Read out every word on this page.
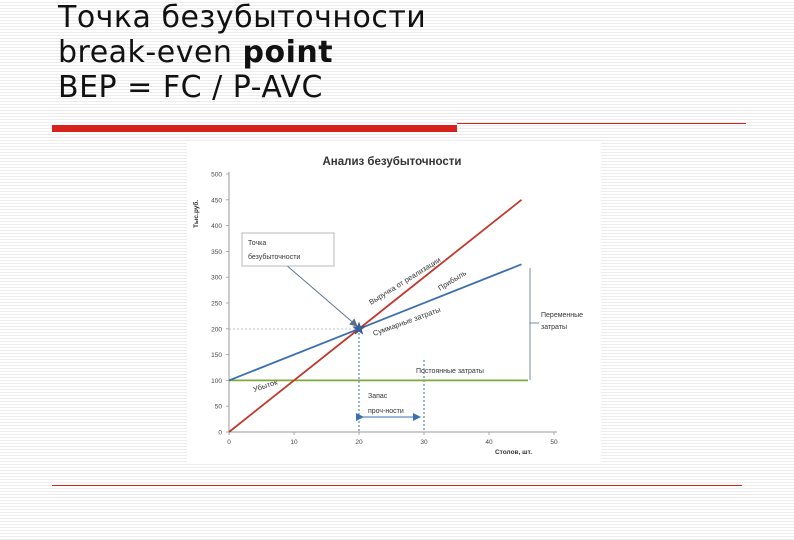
Точка безубыточности
break-even point
BEP = FC / P-AVC
Анализ безубыточности
Тыс.руб.
Столов, шт.
0
50
100
150
200
250
300
350
400
450
500
0	10	20	30	40	50
Точка
безубыточности	Выручка от реализации
Прибыль
Суммарные затраты
Убыток
Постоянные затраты
Переменные
затраты
Запас
проч-ности
